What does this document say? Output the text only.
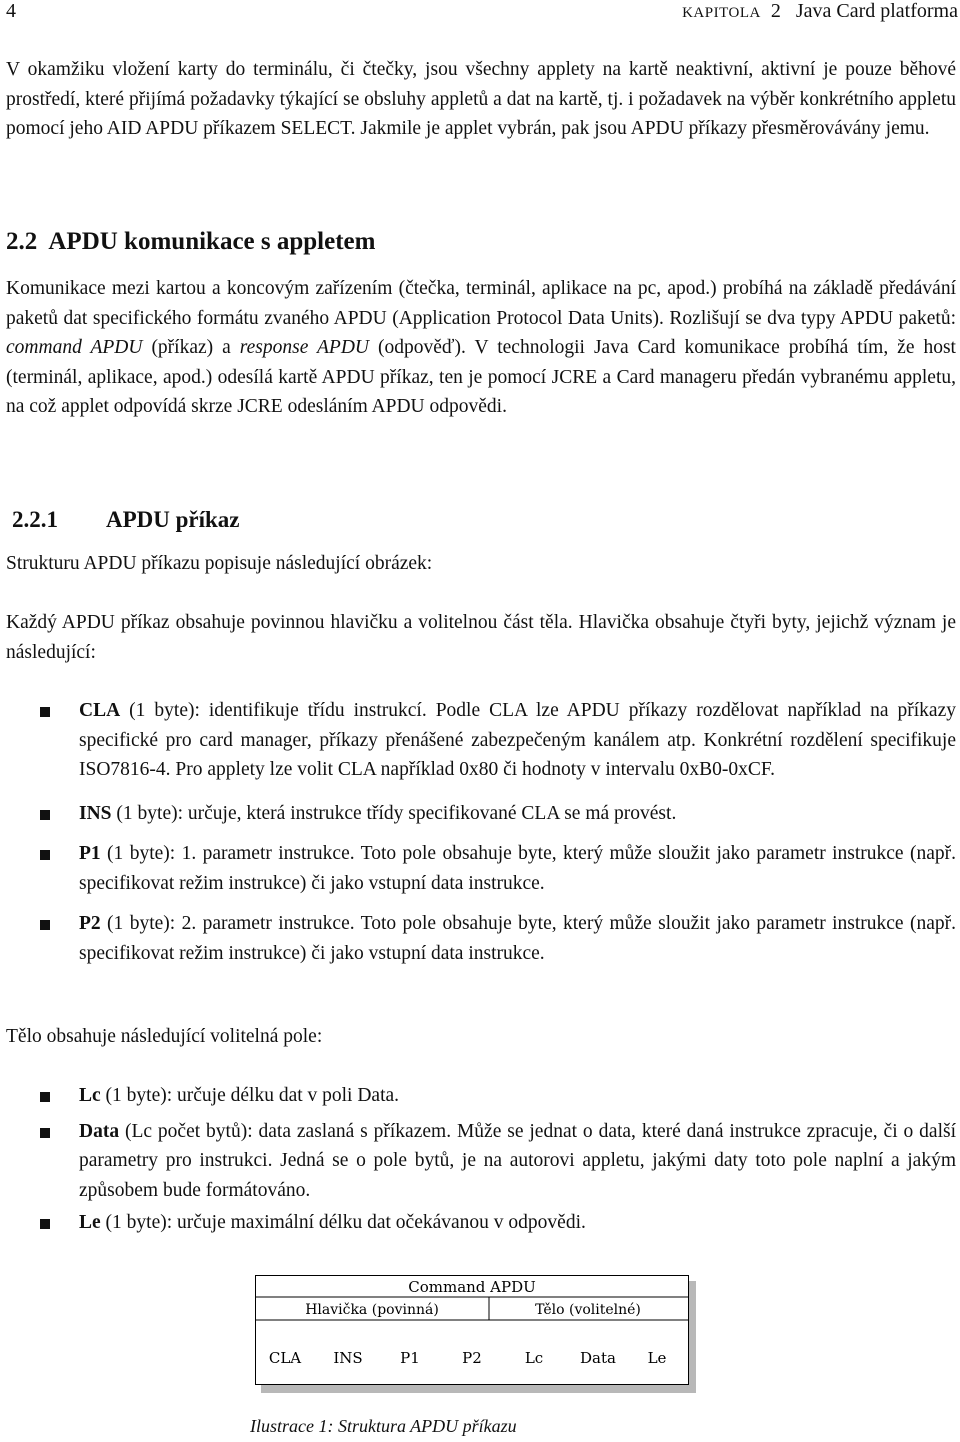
4	KAPITOLA 2 Java Card platforma

V okamžiku vložení karty do terminálu, či čtečky, jsou všechny applety na kartě neaktivní, aktivní je pouze běhové prostředí, které přijímá požadavky týkající se obsluhy appletů a dat na kartě, tj. i požadavek na výběr konkrétního appletu pomocí jeho AID APDU příkazem SELECT. Jakmile je applet vybrán, pak jsou APDU příkazy přesměrovávány jemu.

2.2 APDU komunikace s appletem

Komunikace mezi kartou a koncovým zařízením (čtečka, terminál, aplikace na pc, apod.) probíhá na základě předávání paketů dat specifického formátu zvaného APDU (Application Protocol Data Units). Rozlišují se dva typy APDU paketů: command APDU (příkaz) a response APDU (odpověď). V technologii Java Card komunikace probíhá tím, že host (terminál, aplikace, apod.) odesílá kartě APDU příkaz, ten je pomocí JCRE a Card manageru předán vybranému appletu, na což applet odpovídá skrze JCRE odesláním APDU odpovědi.

2.2.1 APDU příkaz

Strukturu APDU příkazu popisuje následující obrázek:

Každý APDU příkaz obsahuje povinnou hlavičku a volitelnou část těla. Hlavička obsahuje čtyři byty, jejichž význam je následující:

CLA (1 byte): identifikuje třídu instrukcí. Podle CLA lze APDU příkazy rozdělovat například na příkazy specifické pro card manager, příkazy přenášené zabezpečeným kanálem atp. Konkrétní rozdělení specifikuje ISO7816-4. Pro applety lze volit CLA například 0x80 či hodnoty v intervalu 0xB0-0xCF.
INS (1 byte): určuje, která instrukce třídy specifikované CLA se má provést.
P1 (1 byte): 1. parametr instrukce. Toto pole obsahuje byte, který může sloužit jako parametr instrukce (např. specifikovat režim instrukce) či jako vstupní data instrukce.
P2 (1 byte): 2. parametr instrukce. Toto pole obsahuje byte, který může sloužit jako parametr instrukce (např. specifikovat režim instrukce) či jako vstupní data instrukce.

Tělo obsahuje následující volitelná pole:

Lc (1 byte): určuje délku dat v poli Data.
Data (Lc počet bytů): data zaslaná s příkazem. Může se jednat o data, které daná instrukce zpracuje, či o další parametry pro instrukci. Jedná se o pole bytů, je na autorovi appletu, jakými daty toto pole naplní a jakým způsobem bude formátováno.
Le (1 byte): určuje maximální délku dat očekávanou v odpovědi.
Command APDU
Hlavička (povinná)	Tělo (volitelné)
CLA INS	P1	P2	Lc Data Le
Ilustrace 1: Struktura APDU příkazu
